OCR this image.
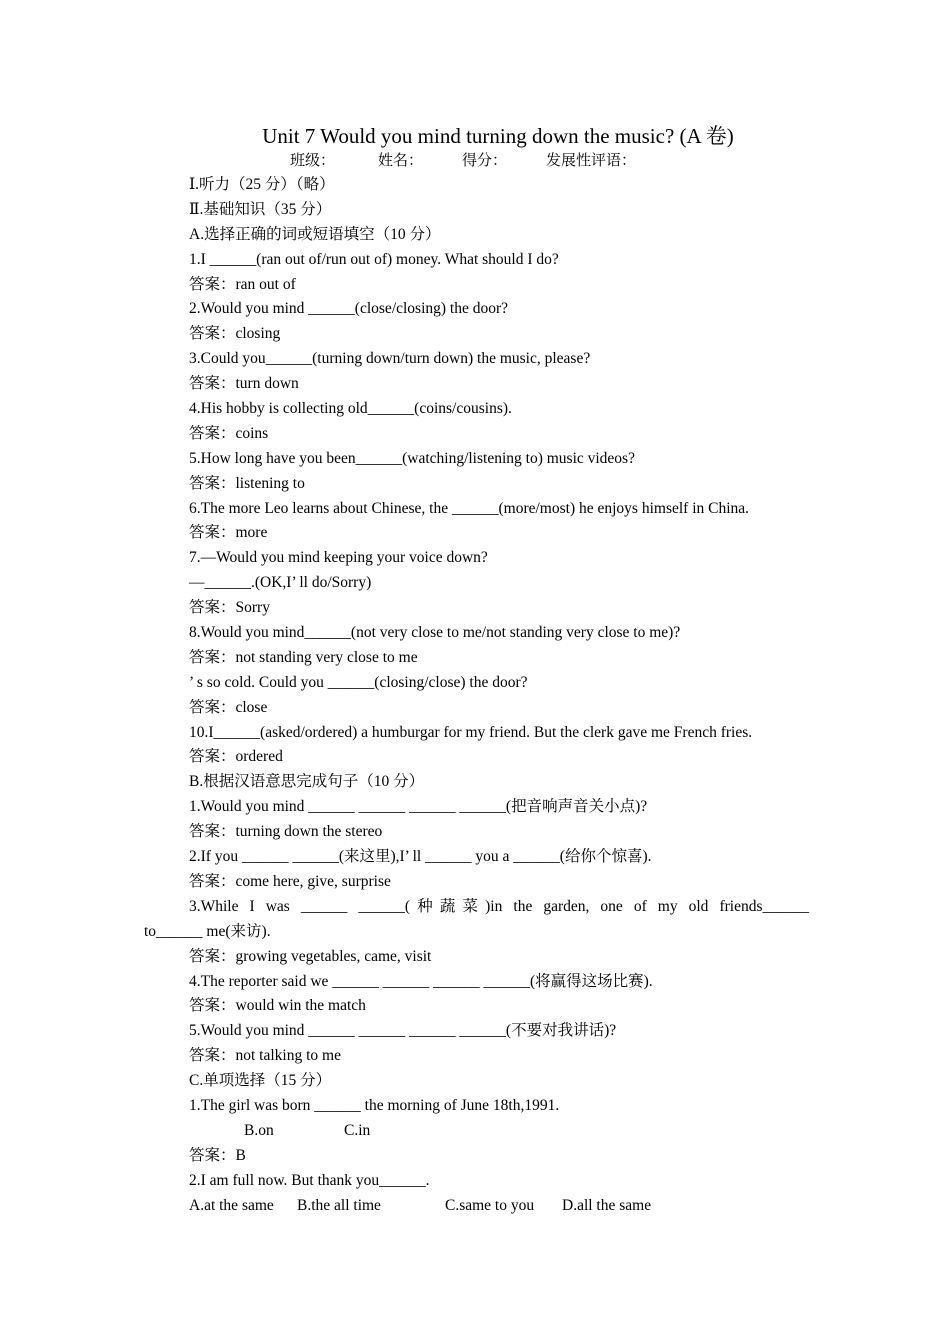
Unit 7 Would you mind turning down the music? (A 卷)
班级：	姓名：	得分：	发展性评语：
Ⅰ.听力（25 分）（略）
Ⅱ.基础知识（35 分）
A.选择正确的词或短语填空（10 分）
1.I ______(ran out of/run out of) money. What should I do?
答案：ran out of
2.Would you mind ______(close/closing) the door?
答案：closing
3.Could you______(turning down/turn down) the music, please?
答案：turn down
4.His hobby is collecting old______(coins/cousins).
答案：coins
5.How long have you been______(watching/listening to) music videos?
答案：listening to
6.The more Leo learns about Chinese, the ______(more/most) he enjoys himself in China.
答案：more
7.—Would you mind keeping your voice down?
—______.(OK,I’ ll do/Sorry)
答案：Sorry
8.Would you mind______(not very close to me/not standing very close to me)?
答案：not standing very close to me
’ s so cold. Could you ______(closing/close) the door?
答案：close
10.I______(asked/ordered) a humburgar for my friend. But the clerk gave me French fries.
答案：ordered
B.根据汉语意思完成句子（10 分）
1.Would you mind ______ ______ ______ ______(把音响声音关小点)?
答案：turning down the stereo
2.If you ______ ______(来这里),I’ ll ______ you a ______(给你个惊喜).
答案：come here, give, surprise
3.While I was ______ ______(种蔬菜)in the garden, one of my old friends______
to______ me(来访).
答案：growing vegetables, came, visit
4.The reporter said we ______ ______ ______ ______(将赢得这场比赛).
答案：would win the match
5.Would you mind ______ ______ ______ ______(不要对我讲话)?
答案：not talking to me
C.单项选择（15 分）
1.The girl was born ______ the morning of June 18th,1991.
B.on	C.in
答案：B
2.I am full now. But thank you______.
A.at the same B.the all time	C.same to you D.all the same
